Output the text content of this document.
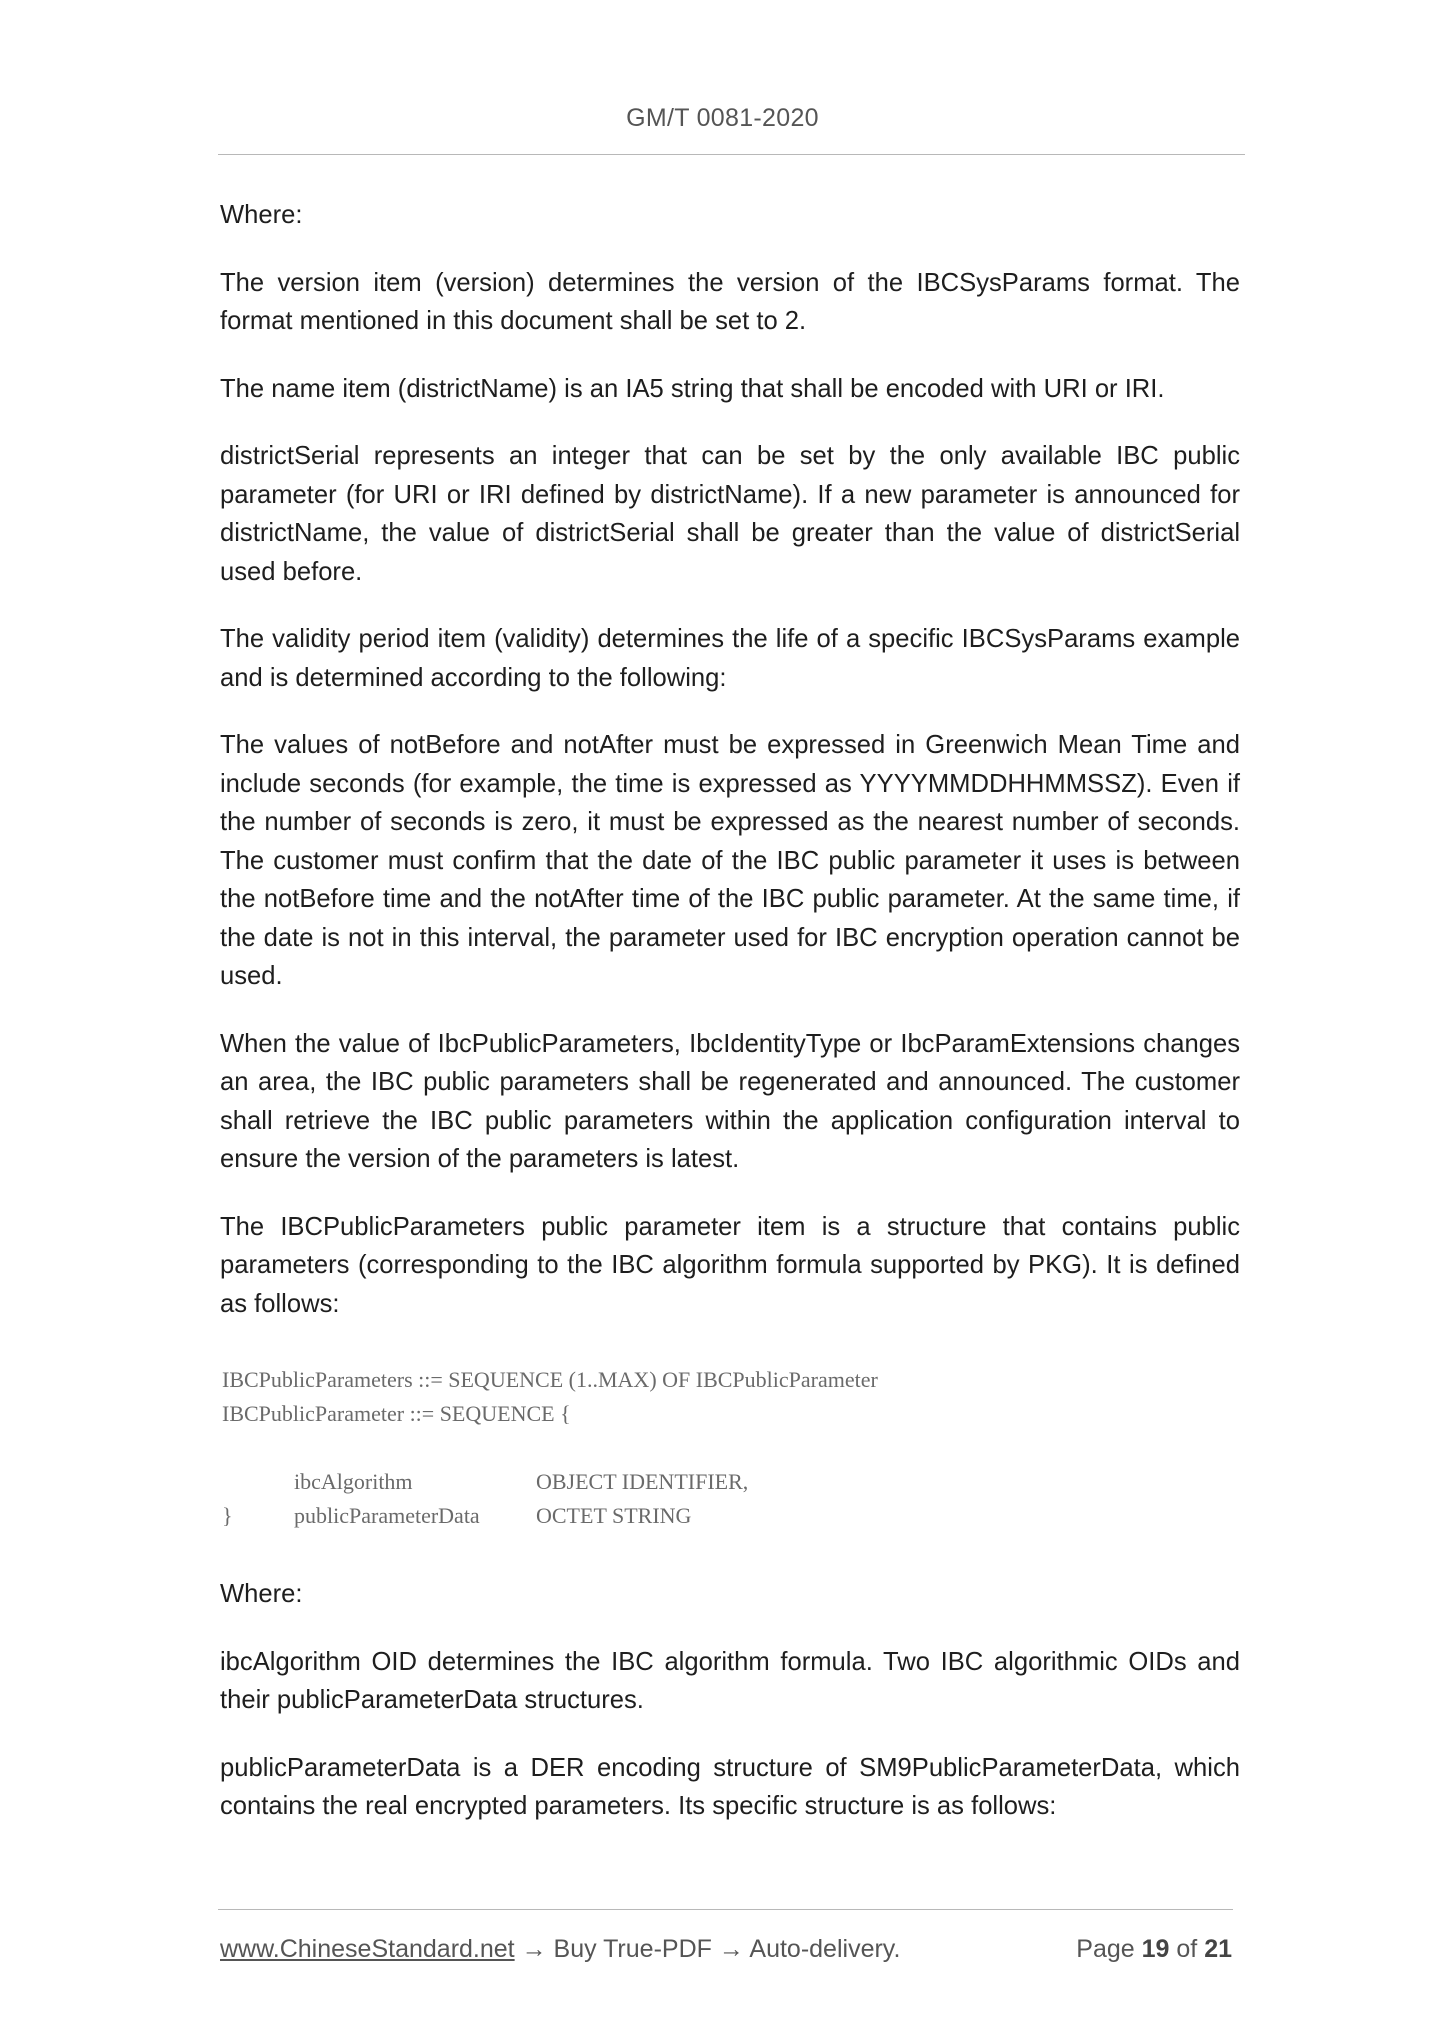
GM/T 0081-2020

Where:

The version item (version) determines the version of the IBCSysParams format. The format mentioned in this document shall be set to 2.

The name item (districtName) is an IA5 string that shall be encoded with URI or IRI.

districtSerial represents an integer that can be set by the only available IBC public parameter (for URI or IRI defined by districtName). If a new parameter is announced for districtName, the value of districtSerial shall be greater than the value of districtSerial used before.

The validity period item (validity) determines the life of a specific IBCSysParams example and is determined according to the following:

The values of notBefore and notAfter must be expressed in Greenwich Mean Time and include seconds (for example, the time is expressed as YYYYMMDDHHMMSSZ). Even if the number of seconds is zero, it must be expressed as the nearest number of seconds. The customer must confirm that the date of the IBC public parameter it uses is between the notBefore time and the notAfter time of the IBC public parameter. At the same time, if the date is not in this interval, the parameter used for IBC encryption operation cannot be used.

When the value of IbcPublicParameters, IbcIdentityType or IbcParamExtensions changes an area, the IBC public parameters shall be regenerated and announced. The customer shall retrieve the IBC public parameters within the application configuration interval to ensure the version of the parameters is latest.

The IBCPublicParameters public parameter item is a structure that contains public parameters (corresponding to the IBC algorithm formula supported by PKG). It is defined as follows:

IBCPublicParameters ::= SEQUENCE (1..MAX) OF IBCPublicParameter
IBCPublicParameter ::= SEQUENCE {

ibcAlgorithm	OBJECT IDENTIFIER,

publicParameterData	OCTET STRING

}

Where:

ibcAlgorithm OID determines the IBC algorithm formula. Two IBC algorithmic OIDs and their publicParameterData structures.

publicParameterData is a DER encoding structure of SM9PublicParameterData, which contains the real encrypted parameters. Its specific structure is as follows:

www.ChineseStandard.net → Buy True-PDF → Auto-delivery.	Page 19 of 21
